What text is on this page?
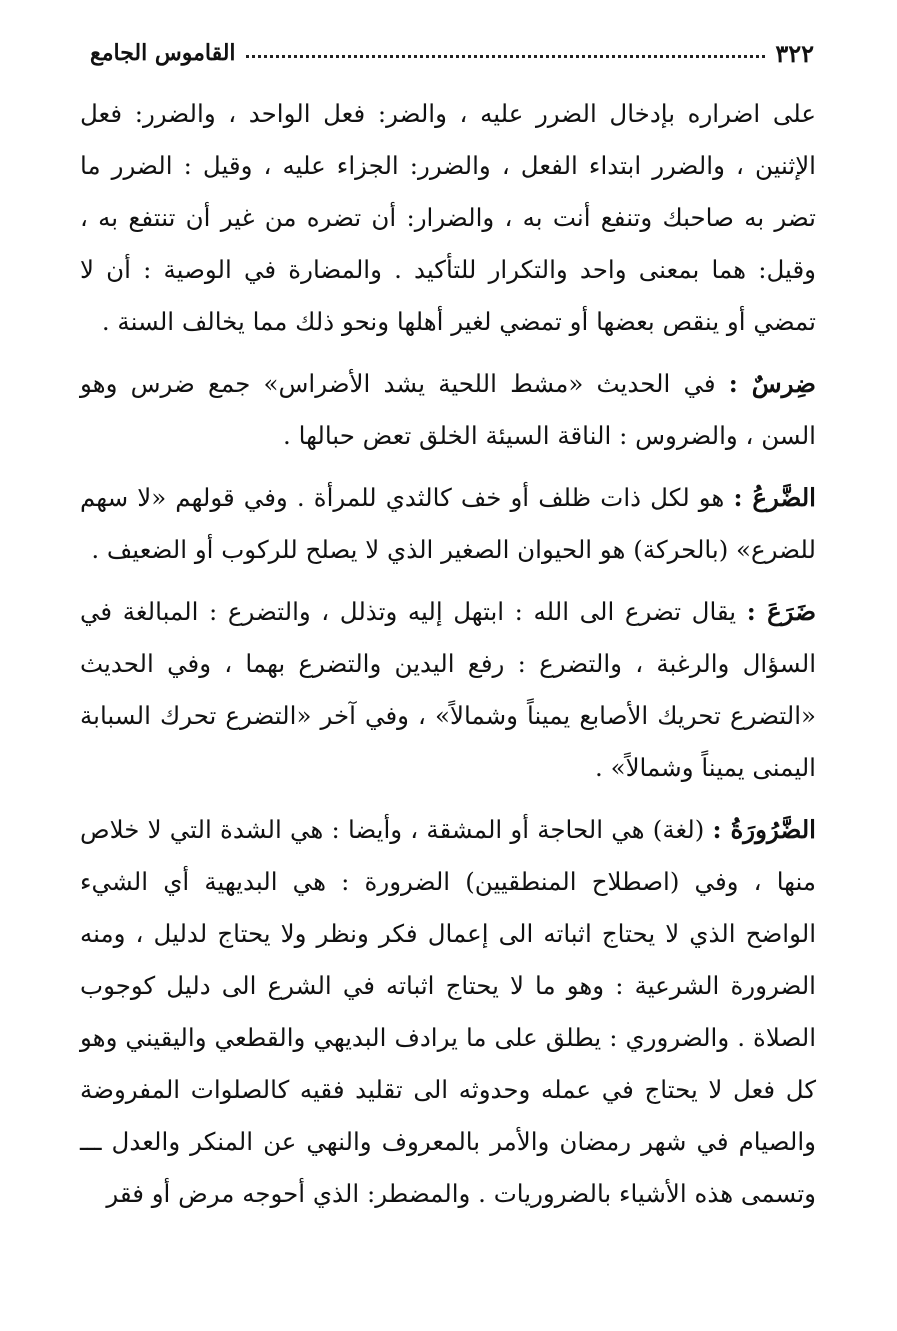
٣٢٢
القاموس الجامع

على اضراره بإدخال الضرر عليه ، والضر: فعل الواحد ، والضرر: فعل الإثنين ، والضرر ابتداء الفعل ، والضرر: الجزاء عليه ، وقيل : الضرر ما تضر به صاحبك وتنفع أنت به ، والضرار: أن تضره من غير أن تنتفع به ، وقيل: هما بمعنى واحد والتكرار للتأكيد . والمضارة في الوصية : أن لا تمضي أو ينقص بعضها أو تمضي لغير أهلها ونحو ذلك مما يخالف السنة .

ضِرسٌ : في الحديث «مشط اللحية يشد الأضراس» جمع ضرس وهو السن ، والضروس : الناقة السيئة الخلق تعض حبالها .

الضَّرعُ : هو لكل ذات ظلف أو خف كالثدي للمرأة . وفي قولهم «لا سهم للضرع» (بالحركة) هو الحيوان الصغير الذي لا يصلح للركوب أو الضعيف .

ضَرَعَ : يقال تضرع الى الله : ابتهل إليه وتذلل ، والتضرع : المبالغة في السؤال والرغبة ، والتضرع : رفع اليدين والتضرع بهما ، وفي الحديث «التضرع تحريك الأصابع يميناً وشمالاً» ، وفي آخر «التضرع تحرك السبابة اليمنى يميناً وشمالاً» .

الضَّرُورَةُ : (لغة) هي الحاجة أو المشقة ، وأيضا : هي الشدة التي لا خلاص منها ، وفي (اصطلاح المنطقيين) الضرورة : هي البديهية أي الشيء الواضح الذي لا يحتاج اثباته الى إعمال فكر ونظر ولا يحتاج لدليل ، ومنه الضرورة الشرعية : وهو ما لا يحتاج اثباته في الشرع الى دليل كوجوب الصلاة . والضروري : يطلق على ما يرادف البديهي والقطعي واليقيني وهو كل فعل لا يحتاج في عمله وحدوثه الى تقليد فقيه كالصلوات المفروضة والصيام في شهر رمضان والأمر بالمعروف والنهي عن المنكر والعدل ـــ وتسمى هذه الأشياء بالضروريات . والمضطر: الذي أحوجه مرض أو فقر
